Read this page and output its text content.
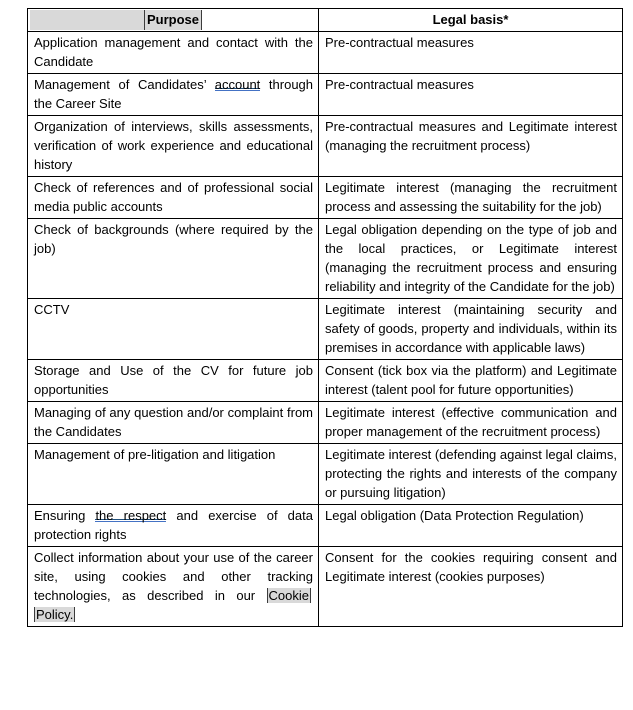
Purpose	Legal basis*
Application management and contact with the Candidate	Pre-contractual measures
Management of Candidates’ account through the Career Site	Pre-contractual measures
Organization of interviews, skills assessments, verification of work experience and educational history	Pre-contractual measures and Legitimate interest (managing the recruitment process)
Check of references and of professional social media public accounts	Legitimate interest (managing the recruitment process and assessing the suitability for the job)
Check of backgrounds (where required by the job)	Legal obligation depending on the type of job and the local practices, or Legitimate interest (managing the recruitment process and ensuring reliability and integrity of the Candidate for the job)
CCTV	Legitimate interest (maintaining security and safety of goods, property and individuals, within its premises in accordance with applicable laws)
Storage and Use of the CV for future job opportunities	Consent (tick box via the platform) and Legitimate interest (talent pool for future opportunities)
Managing of any question and/or complaint from the Candidates	Legitimate interest (effective communication and proper management of the recruitment process)
Management of pre-litigation and litigation	Legitimate interest (defending against legal claims, protecting the rights and interests of the company or pursuing litigation)
Ensuring the respect and exercise of data protection rights	Legal obligation (Data Protection Regulation)
Collect information about your use of the career site, using cookies and other tracking technologies, as described in our Cookie Policy.	Consent for the cookies requiring consent and Legitimate interest (cookies purposes)
